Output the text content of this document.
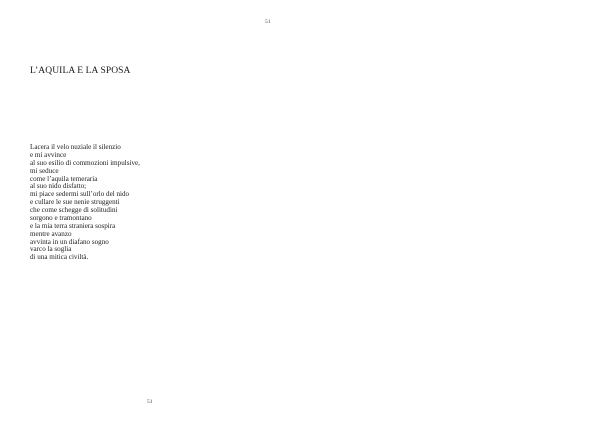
51
L’AQUILA E LA SPOSA
Lacera il velo nuziale il silenzio
e mi avvince
al suo esilio di commozioni impulsive,
mi seduce
come l’aquila temeraria
al suo nido disfatto;
mi piace sedermi sull’orlo del nido
e cullare le sue nenie struggenti
che come schegge di solitudini
sorgono e tramontano
e la mia terra straniera sospira
mentre avanzo
avvinta in un diafano sogno
varco la soglia
di una mitica civiltà.
51
